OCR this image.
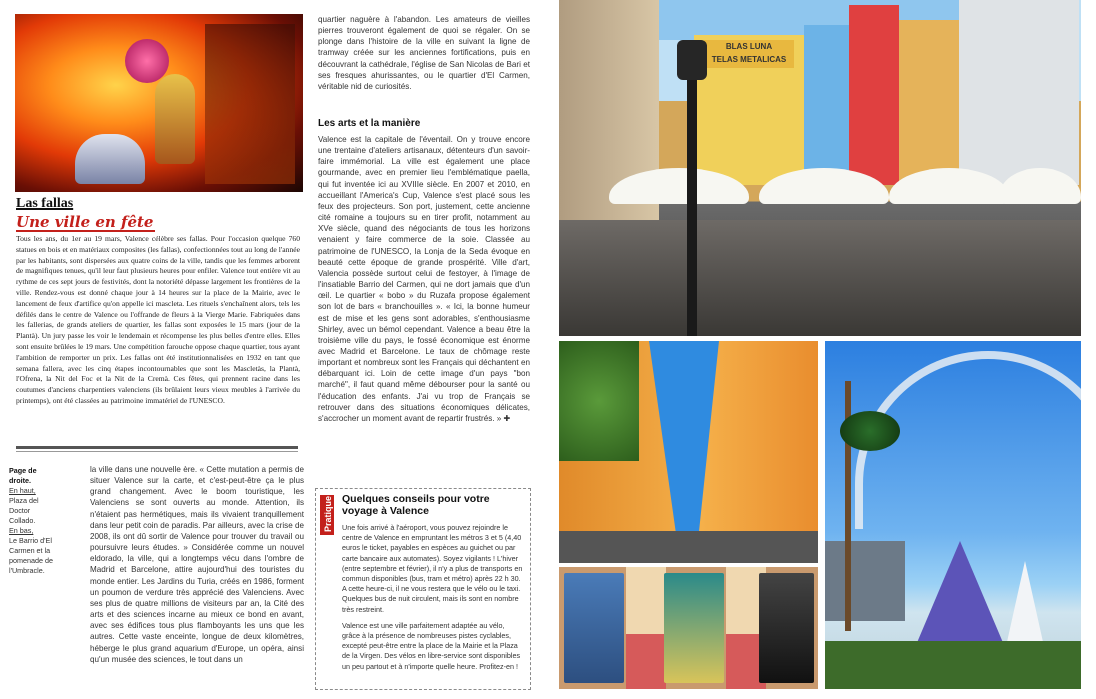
Las fallas
Une ville en fête
Tous les ans, du 1er au 19 mars, Valence célèbre ses fallas. Pour l'occasion quelque 760 statues en bois et en matériaux composites (les fallas), confectionnées tout au long de l'année par les habitants, sont dispersées aux quatre coins de la ville, tandis que les femmes arborent de magnifiques tenues, qu'il leur faut plusieurs heures pour enfiler. Valence tout entière vit au rythme de ces sept jours de festivités, dont la notoriété dépasse largement les frontières de la ville. Rendez-vous est donné chaque jour à 14 heures sur la place de la Mairie, avec le lancement de feux d'artifice qu'on appelle ici mascleta. Les rituels s'enchaînent alors, tels les défilés dans le centre de Valence ou l'offrande de fleurs à la Vierge Marie. Fabriquées dans les fallerias, de grands ateliers de quartier, les fallas sont exposées le 15 mars (jour de la Plantà). Un jury passe les voir le lendemain et récompense les plus belles d'entre elles. Elles sont ensuite brûlées le 19 mars. Une compétition farouche oppose chaque quartier, tous ayant l'ambition de remporter un prix. Les fallas ont été institutionnalisées en 1932 en tant que semana fallera, avec les cinq étapes incontournables que sont les Mascletàs, la Plantà, l'Ofrena, la Nit del Foc et la Nit de la Cremà. Ces fêtes, qui prennent racine dans les coutumes d'anciens charpentiers valenciens (ils brûlaient leurs vieux meubles à l'arrivée du printemps), ont été classées au patrimoine immatériel de l'UNESCO.
Page de droite.
En haut,
Plaza del Doctor Collado.
En bas,
Le Barrio d'El Carmen et la pomenade de l'Umbracle.
la ville dans une nouvelle ère. « Cette mutation a permis de situer Valence sur la carte, et c'est-peut-être ça le plus grand changement. Avec le boom touristique, les Valenciens se sont ouverts au monde. Attention, ils n'étaient pas hermétiques, mais ils vivaient tranquillement dans leur petit coin de paradis. Par ailleurs, avec la crise de 2008, ils ont dû sortir de Valence pour trouver du travail ou poursuivre leurs études. » Considérée comme un nouvel eldorado, la ville, qui a longtemps vécu dans l'ombre de Madrid et Barcelone, attire aujourd'hui des touristes du monde entier. Les Jardins du Turia, créés en 1986, forment un poumon de verdure très apprécié des Valenciens. Avec ses plus de quatre millions de visiteurs par an, la Cité des arts et des sciences incarne au mieux ce bond en avant, avec ses édifices tous plus flamboyants les uns que les autres. Cette vaste enceinte, longue de deux kilomètres, héberge le plus grand aquarium d'Europe, un opéra, ainsi qu'un musée des sciences, le tout dans un
quartier naguère à l'abandon. Les amateurs de vieilles pierres trouveront également de quoi se régaler. On se plonge dans l'histoire de la ville en suivant la ligne de tramway créée sur les anciennes fortifications, puis en découvrant la cathédrale, l'église de San Nicolas de Bari et ses fresques ahurissantes, ou le quartier d'El Carmen, véritable nid de curiosités.
Les arts et la manière
Valence est la capitale de l'éventail. On y trouve encore une trentaine d'ateliers artisanaux, détenteurs d'un savoir-faire immémorial. La ville est également une place gourmande, avec en premier lieu l'emblématique paella, qui fut inventée ici au XVIIIe siècle. En 2007 et 2010, en accueillant l'America's Cup, Valence s'est placé sous les feux des projecteurs. Son port, justement, cette ancienne cité romaine a toujours su en tirer profit, notamment au XVe siècle, quand des négociants de tous les horizons venaient y faire commerce de la soie. Classée au patrimoine de l'UNESCO, la Lonja de la Seda évoque en beauté cette époque de grande prospérité. Ville d'art, Valencia possède surtout celui de festoyer, à l'image de l'insatiable Barrio del Carmen, qui ne dort jamais que d'un œil. Le quartier « bobo » du Ruzafa propose également son lot de bars « branchouilles ». « Ici, la bonne humeur est de mise et les gens sont adorables, s'enthousiasme Shirley, avec un bémol cependant. Valence a beau être la troisième ville du pays, le fossé économique est énorme avec Madrid et Barcelone. Le taux de chômage reste important et nombreux sont les Français qui déchantent en débarquant ici. Loin de cette image d'un pays "bon marché", il faut quand même débourser pour la santé ou l'éducation des enfants. J'ai vu trop de Français se retrouver dans des situations économiques délicates, s'accrocher un moment avant de repartir frustrés. » ✚
Pratique Quelques conseils pour votre voyage à Valence

Une fois arrivé à l'aéroport, vous pouvez rejoindre le centre de Valence en empruntant les métros 3 et 5 (4,40 euros le ticket, payables en espèces au guichet ou par carte bancaire aux automates). Soyez vigilants ! L'hiver (entre septembre et février), il n'y a plus de transports en commun disponibles (bus, tram et métro) après 22 h 30. A cette heure-ci, il ne vous restera que le vélo ou le taxi. Quelques bus de nuit circulent, mais ils sont en nombre très restreint.

Valence est une ville parfaitement adaptée au vélo, grâce à la présence de nombreuses pistes cyclables, excepté peut-être entre la place de la Mairie et la Plaza de la Virgen. Des vélos en libre-service sont disponibles un peu partout et à n'importe quelle heure. Profitez-en !

BLAS LUNA
TELAS METALICAS
